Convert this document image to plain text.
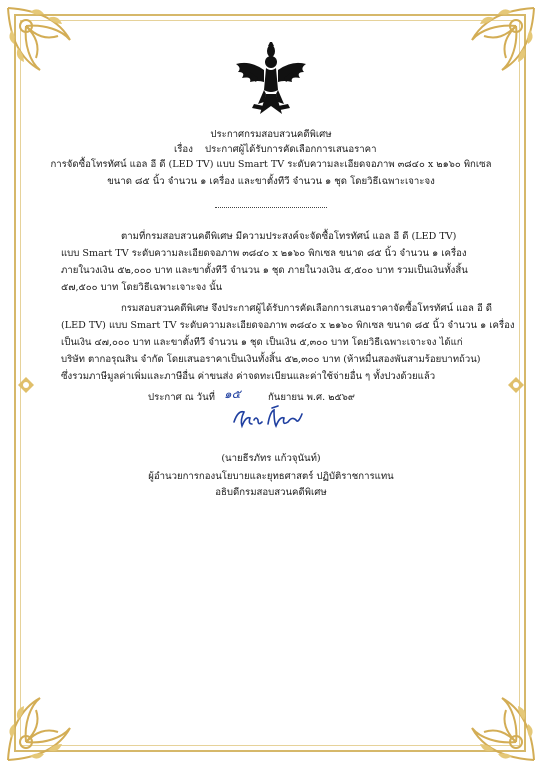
ประกาศกรมสอบสวนคดีพิเศษ
เรื่อง ประกาศผู้ได้รับการคัดเลือกการเสนอราคา
การจัดซื้อโทรทัศน์ แอล อี ดี (LED TV) แบบ Smart TV ระดับความละเอียดจอภาพ ๓๘๔๐ x ๒๑๖๐ พิกเซล
ขนาด ๘๕ นิ้ว จำนวน ๑ เครื่อง และขาตั้งทีวี จำนวน ๑ ชุด โดยวิธีเฉพาะเจาะจง
ตามที่กรมสอบสวนคดีพิเศษ มีความประสงค์จะจัดซื้อโทรทัศน์ แอล อี ดี (LED TV)
แบบ Smart TV ระดับความละเอียดจอภาพ ๓๘๔๐ x ๒๑๖๐ พิกเซล ขนาด ๘๕ นิ้ว จำนวน ๑ เครื่อง
ภายในวงเงิน ๕๒,๐๐๐ บาท และขาตั้งทีวี จำนวน ๑ ชุด ภายในวงเงิน ๕,๕๐๐ บาท รวมเป็นเงินทั้งสิ้น
๕๗,๕๐๐ บาท โดยวิธีเฉพาะเจาะจง นั้น
กรมสอบสวนคดีพิเศษ จึงประกาศผู้ได้รับการคัดเลือกการเสนอราคาจัดซื้อโทรทัศน์ แอล อี ดี
(LED TV) แบบ Smart TV ระดับความละเอียดจอภาพ ๓๘๔๐ x ๒๑๖๐ พิกเซล ขนาด ๘๕ นิ้ว จำนวน ๑ เครื่อง
เป็นเงิน ๔๗,๐๐๐ บาท และขาตั้งทีวี จำนวน ๑ ชุด เป็นเงิน ๕,๓๐๐ บาท โดยวิธีเฉพาะเจาะจง ได้แก่
บริษัท ตากอรุณสิน จำกัด โดยเสนอราคาเป็นเงินทั้งสิ้น ๕๒,๓๐๐ บาท (ห้าหมื่นสองพันสามร้อยบาทถ้วน)
ซึ่งรวมภาษีมูลค่าเพิ่มและภาษีอื่น ค่าขนส่ง ค่าจดทะเบียนและค่าใช้จ่ายอื่น ๆ ทั้งปวงด้วยแล้ว
ประกาศ ณ วันที่ ๑๕	กันยายน พ.ศ. ๒๕๖๙
(นายธีรภัทร แก้วจุนันท์)
ผู้อำนวยการกองนโยบายและยุทธศาสตร์ ปฏิบัติราชการแทน
อธิบดีกรมสอบสวนคดีพิเศษ
